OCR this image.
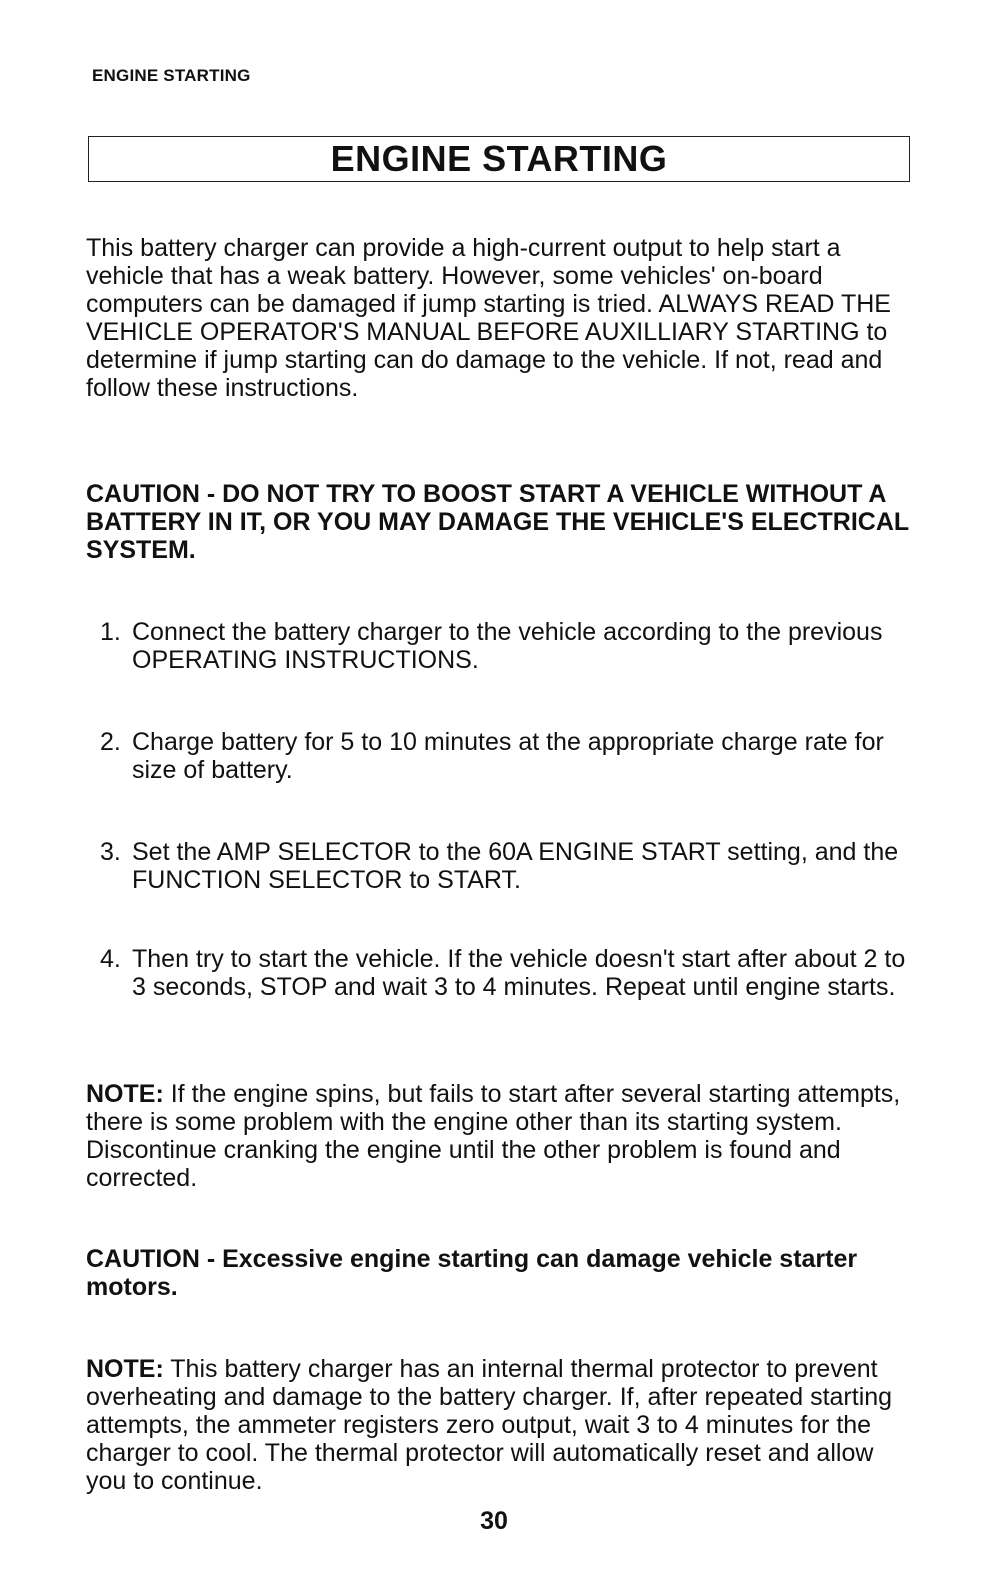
ENGINE STARTING
ENGINE STARTING

This battery charger can provide a high-current output to help start a vehicle that has a weak battery. However, some vehicles' on-board computers can be damaged if jump starting is tried. ALWAYS READ THE VEHICLE OPERATOR'S MANUAL BEFORE AUXILLIARY STARTING to determine if jump starting can do damage to the vehicle. If not, read and follow these instructions.

CAUTION - DO NOT TRY TO BOOST START A VEHICLE WITHOUT A BATTERY IN IT, OR YOU MAY DAMAGE THE VEHICLE'S ELECTRICAL SYSTEM.

1. Connect the battery charger to the vehicle according to the previous OPERATING INSTRUCTIONS.
2. Charge battery for 5 to 10 minutes at the appropriate charge rate for size of battery.
3. Set the AMP SELECTOR to the 60A ENGINE START setting, and the FUNCTION SELECTOR to START.
4. Then try to start the vehicle. If the vehicle doesn't start after about 2 to 3 seconds, STOP and wait 3 to 4 minutes. Repeat until engine starts.

NOTE: If the engine spins, but fails to start after several starting attempts, there is some problem with the engine other than its starting system. Discontinue cranking the engine until the other problem is found and corrected.

CAUTION - Excessive engine starting can damage vehicle starter motors.

NOTE: This battery charger has an internal thermal protector to prevent overheating and damage to the battery charger. If, after repeated starting attempts, the ammeter registers zero output, wait 3 to 4 minutes for the charger to cool. The thermal protector will automatically reset and allow you to continue.

30
